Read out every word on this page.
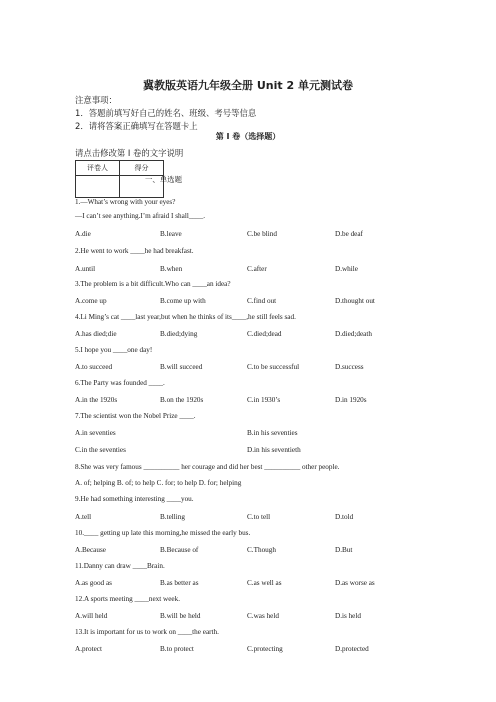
冀教版英语九年级全册 Unit 2 单元测试卷
注意事项：
1．答题前填写好自己的姓名、班级、考号等信息
2．请将答案正确填写在答题卡上
第 I 卷（选择题）
请点击修改第 I 卷的文字说明
评卷人	得分

一、单选题
1.—What’s wrong with your eyes?
—I can’t see anything.I’m afraid I shall____.
A.die	B.leave	C.be blind	D.be deaf
2.He went to work ____he had breakfast.
A.until	B.when	C.after	D.while
3.The problem is a bit difficult.Who can ____an idea?
A.come up	B.come up with	C.find out	D.thought out
4.Li Ming’s cat ____last year,but when he thinks of its____,he still feels sad.
A.has died;die	B.died;dying	C.died;dead	D.died;death
5.I hope you ____one day!
A.to succeed	B.will succeed	C.to be successful	D.success
6.The Party was founded ____.
A.in the 1920s	B.on the 1920s	C.in 1930’s	D.in 1920s
7.The scientist won the Nobel Prize ____.
A.in seventies	B.in his seventies
C.in the seventies	D.in his seventieth
8.She was very famous __________ her courage and did her best __________ other people.
A. of; helping B. of; to help C. for; to help D. for; helping
9.He had something interesting ____you.
A.tell	B.telling	C.to tell	D.told
10.____ getting up late this morning,he missed the early bus.
A.Because	B.Because of	C.Though	D.But
11.Danny can draw ____Brain.
A.as good as	B.as better as	C.as well as	D.as worse as
12.A sports meeting ____next week.
A.will held	B.will be held	C.was held	D.is held
13.It is important for us to work on ____the earth.
A.protect	B.to protect	C.protecting	D.protected
